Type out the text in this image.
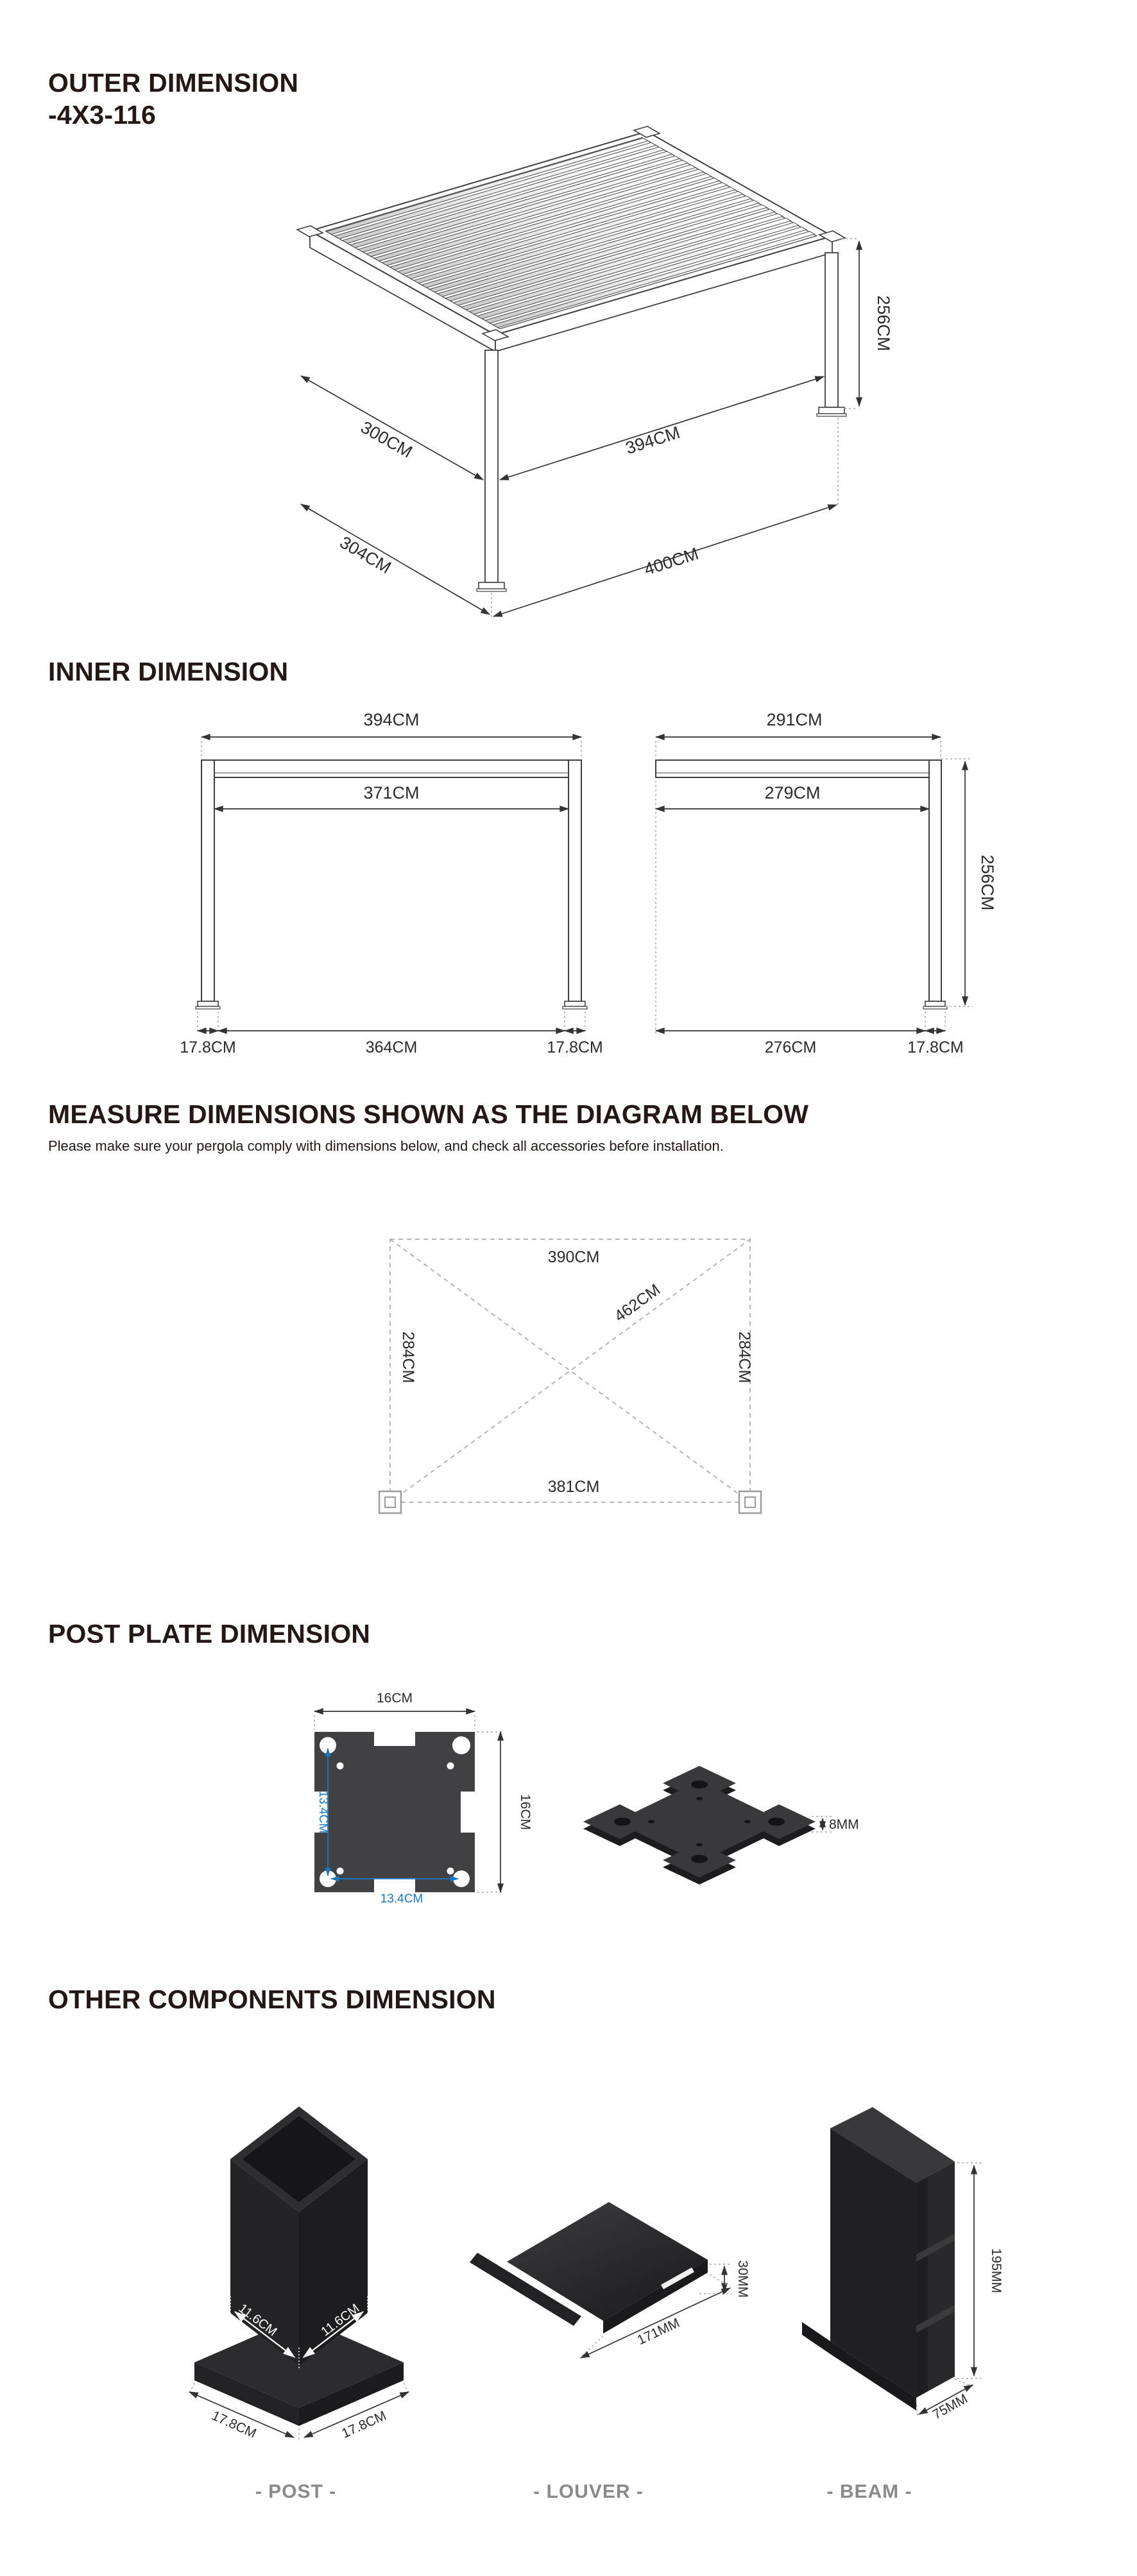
OUTER DIMENSION
-4X3-116
300CM	394CM
304CM	400CM
256CM
INNER DIMENSION
394CM
371CM
17.8CM	364CM	17.8CM
291CM
279CM
256CM
276CM	17.8CM
MEASURE DIMENSIONS SHOWN AS THE DIAGRAM BELOW
Please make sure your pergola comply with dimensions below, and check all accessories before installation.
390CM
462CM
284CM	284CM
381CM
POST PLATE DIMENSION
16CM
16CM
13.4CM
13.4CM
8MM
OTHER COMPONENTS DIMENSION
11.6CM	11.6CM
17.8CM	17.8CM
30MM
171MM
195MM
75MM
- POST -	- LOUVER -	- BEAM -
